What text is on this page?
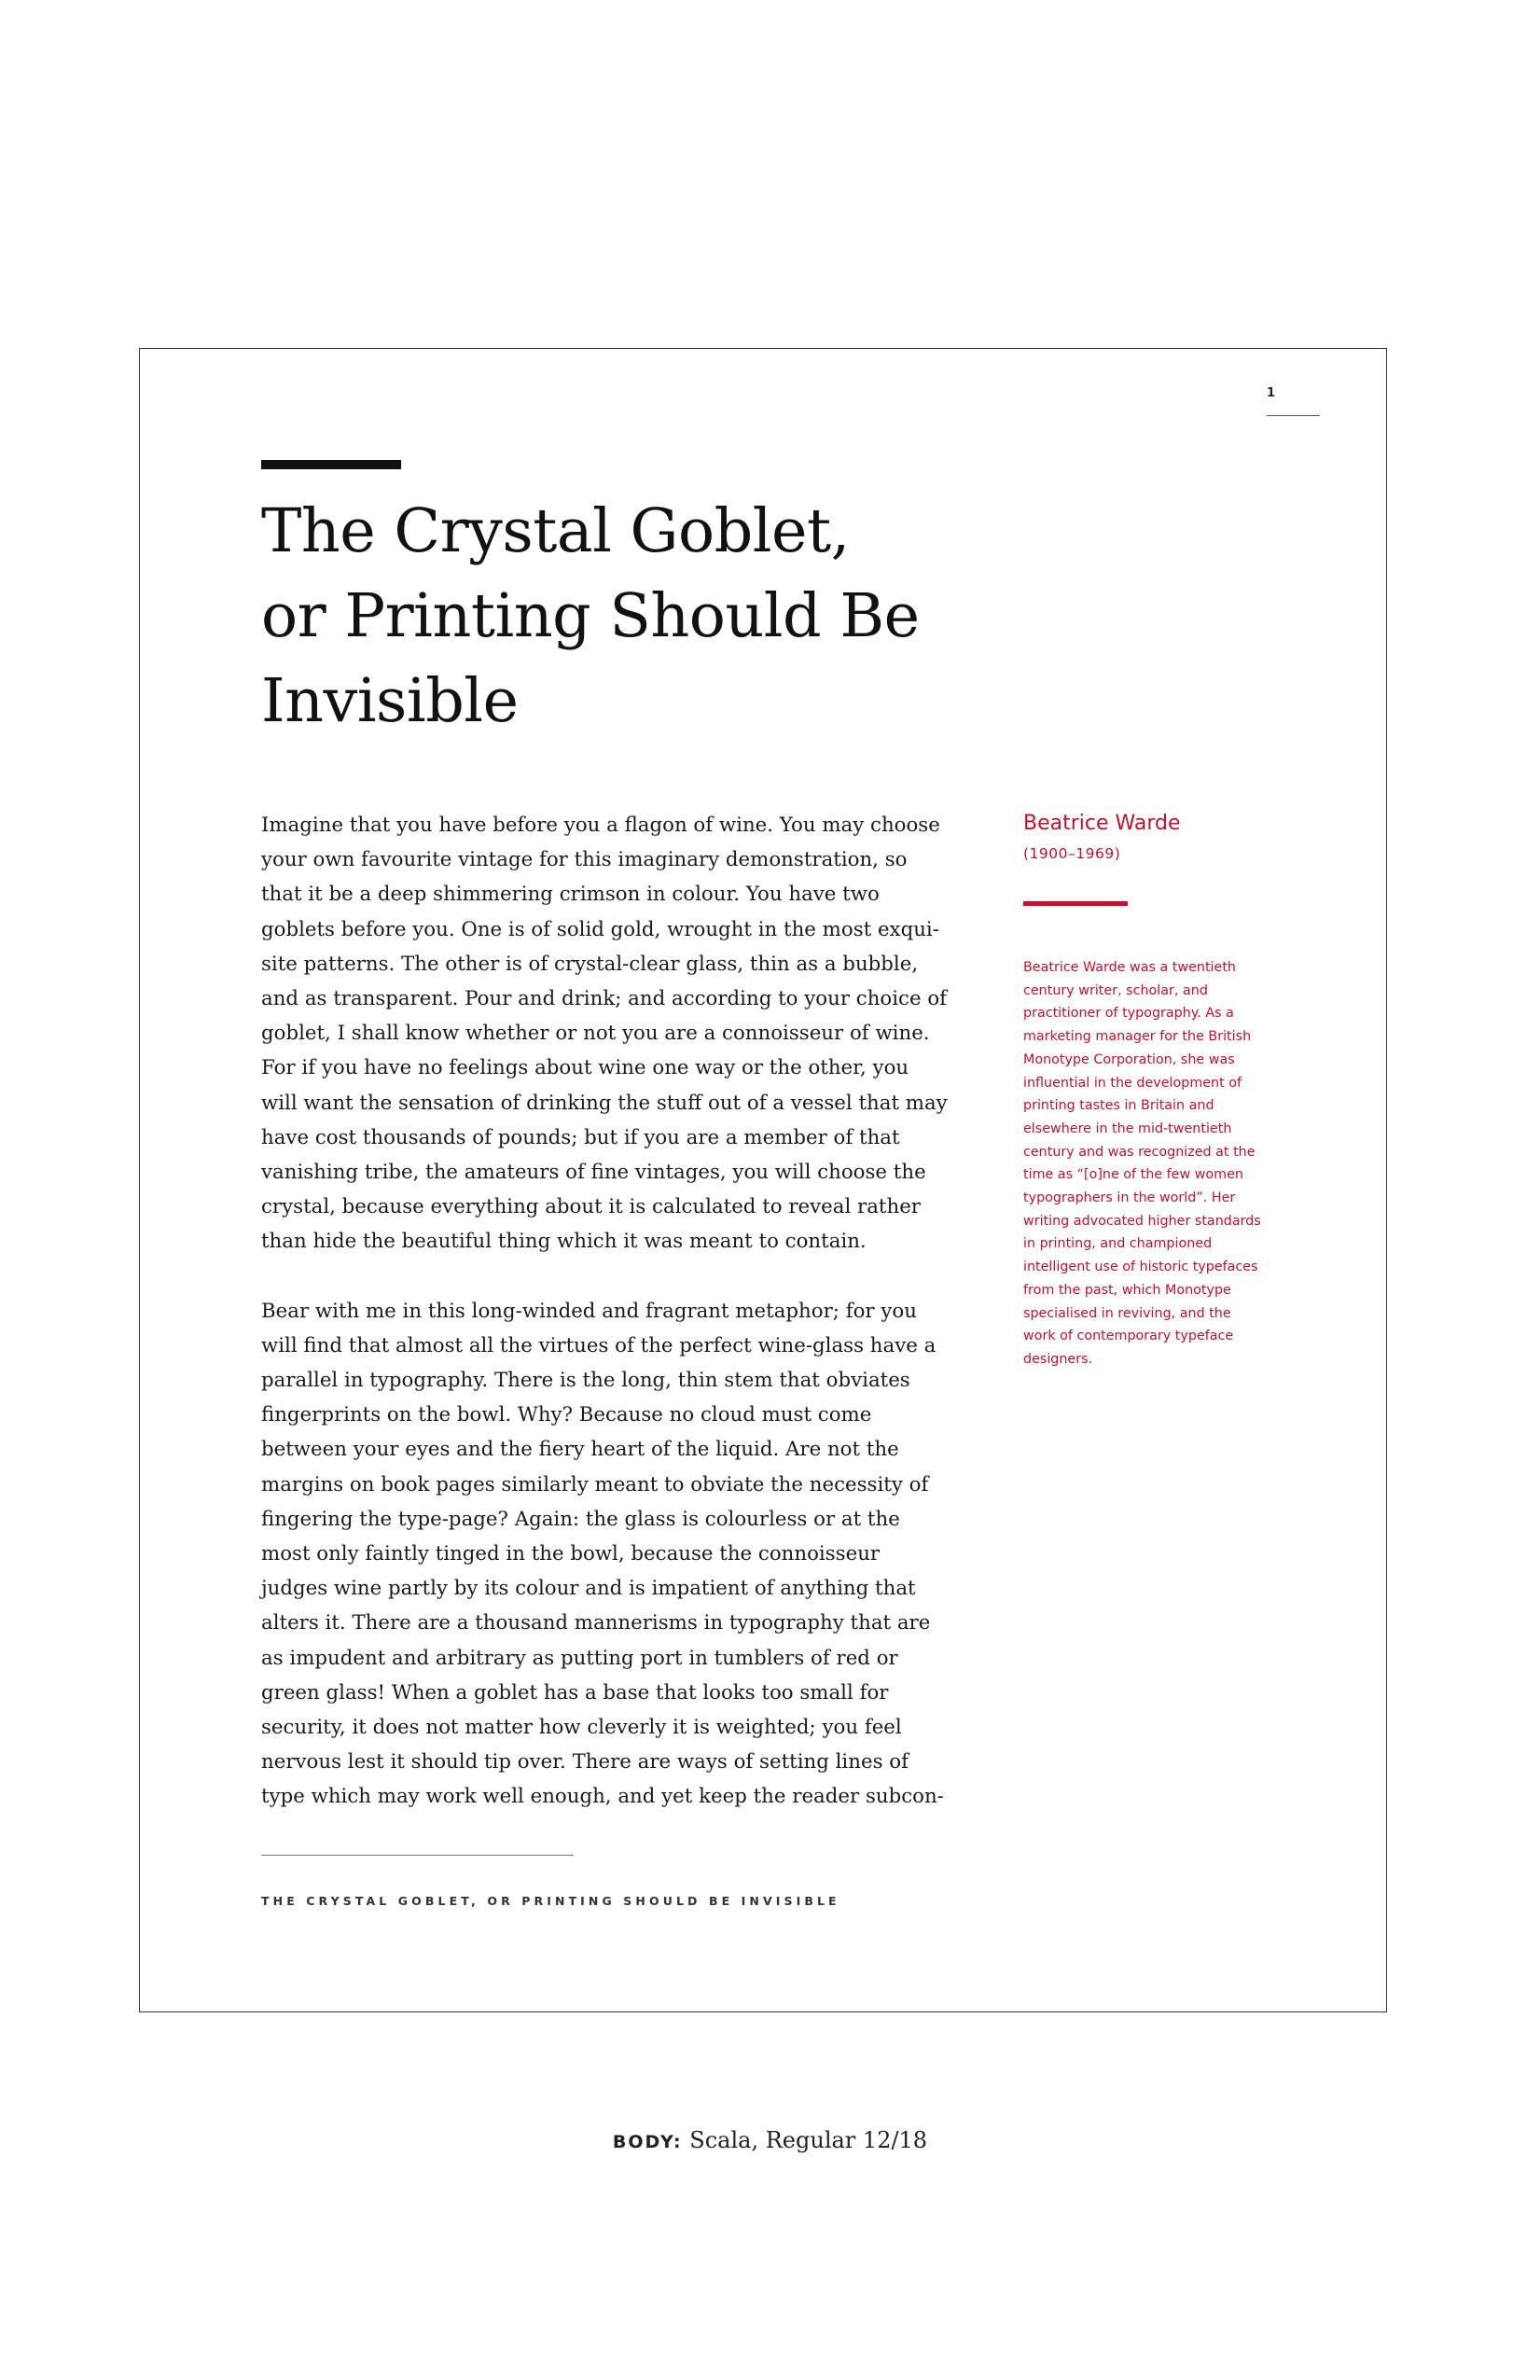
1
The Crystal Goblet,
or Printing Should Be
Invisible

Imagine that you have before you a flagon of wine. You may choose
your own favourite vintage for this imaginary demonstration, so
that it be a deep shimmering crimson in colour. You have two
goblets before you. One is of solid gold, wrought in the most exqui-
site patterns. The other is of crystal-clear glass, thin as a bubble,
and as transparent. Pour and drink; and according to your choice of
goblet, I shall know whether or not you are a connoisseur of wine.
For if you have no feelings about wine one way or the other, you
will want the sensation of drinking the stuff out of a vessel that may
have cost thousands of pounds; but if you are a member of that
vanishing tribe, the amateurs of fine vintages, you will choose the
crystal, because everything about it is calculated to reveal rather
than hide the beautiful thing which it was meant to contain.

Bear with me in this long-winded and fragrant metaphor; for you
will find that almost all the virtues of the perfect wine-glass have a
parallel in typography. There is the long, thin stem that obviates
fingerprints on the bowl. Why? Because no cloud must come
between your eyes and the fiery heart of the liquid. Are not the
margins on book pages similarly meant to obviate the necessity of
fingering the type-page? Again: the glass is colourless or at the
most only faintly tinged in the bowl, because the connoisseur
judges wine partly by its colour and is impatient of anything that
alters it. There are a thousand mannerisms in typography that are
as impudent and arbitrary as putting port in tumblers of red or
green glass! When a goblet has a base that looks too small for
security, it does not matter how cleverly it is weighted; you feel
nervous lest it should tip over. There are ways of setting lines of
type which may work well enough, and yet keep the reader subcon-

Beatrice Warde
(1900–1969)

Beatrice Warde was a twentieth
century writer, scholar, and
practitioner of typography. As a
marketing manager for the British
Monotype Corporation, she was
influential in the development of
printing tastes in Britain and
elsewhere in the mid-twentieth
century and was recognized at the
time as “[o]ne of the few women
typographers in the world”. Her
writing advocated higher standards
in printing, and championed
intelligent use of historic typefaces
from the past, which Monotype
specialised in reviving, and the
work of contemporary typeface
designers.

THE CRYSTAL GOBLET, OR PRINTING SHOULD BE INVISIBLE
BODY: Scala, Regular 12/18
